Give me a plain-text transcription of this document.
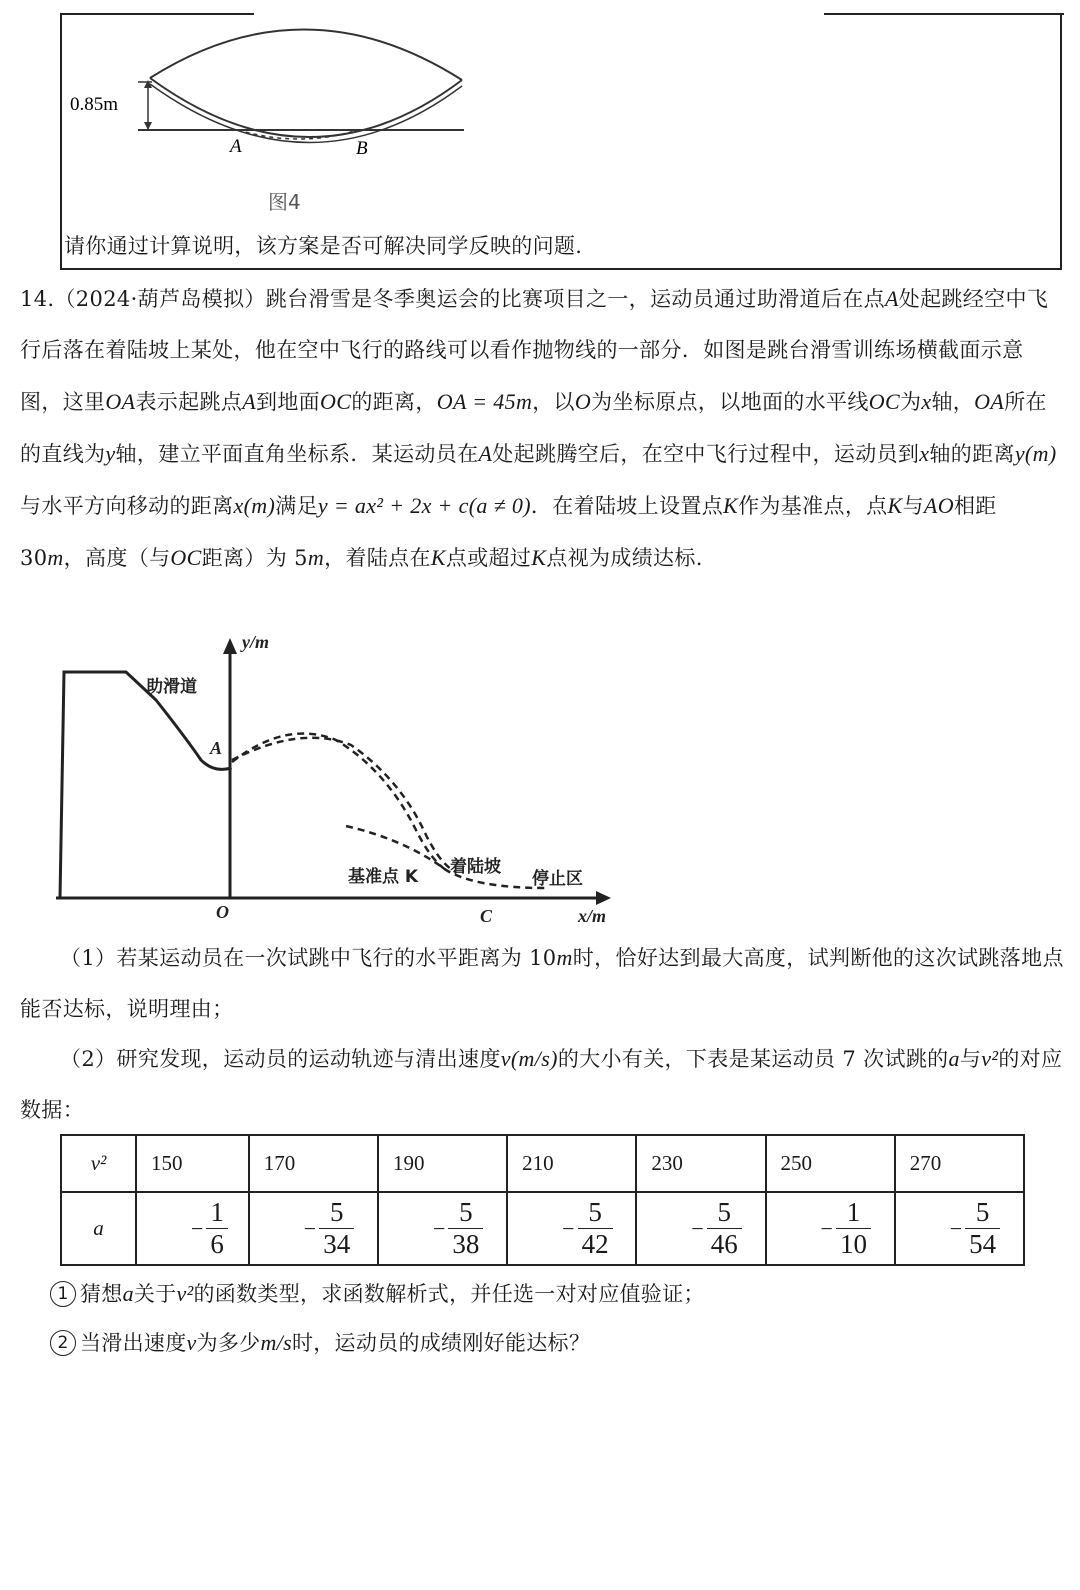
0.85m
A	B
图4
请你通过计算说明，该方案是否可解决同学反映的问题.
14.（2024·葫芦岛模拟）跳台滑雪是冬季奥运会的比赛项目之一，运动员通过助滑道后在点A处起跳经空中飞行后落在着陆坡上某处，他在空中飞行的路线可以看作抛物线的一部分．如图是跳台滑雪训练场横截面示意图，这里OA表示起跳点A到地面OC的距离，OA = 45m，以O为坐标原点，以地面的水平线OC为x轴，OA所在的直线为y轴，建立平面直角坐标系．某运动员在A处起跳腾空后，在空中飞行过程中，运动员到x轴的距离y(m)与水平方向移动的距离x(m)满足y = ax² + 2x + c(a ≠ 0)．在着陆坡上设置点K作为基准点，点K与AO相距 30m，高度（与OC距离）为 5m，着陆点在K点或超过K点视为成绩达标.
y/m
助滑道
A
基准点 K 着陆坡
停止区
O	C	x/m
（1）若某运动员在一次试跳中飞行的水平距离为 10m时，恰好达到最大高度，试判断他的这次试跳落地点能否达标，说明理由；
（2）研究发现，运动员的运动轨迹与清出速度v(m/s)的大小有关，下表是某运动员 7 次试跳的a与v²的对应数据：
v²	150	170	190	210	230	250	270
a	− $\frac{1}{6}$	− $\frac{5}{34}$	− $\frac{5}{38}$	− $\frac{5}{42}$	− $\frac{5}{46}$	− $\frac{1}{10}$	− $\frac{5}{54}$
1 猜想a关于v²的函数类型，求函数解析式，并任选一对对应值验证；
2 当滑出速度v为多少m/s时，运动员的成绩刚好能达标？
